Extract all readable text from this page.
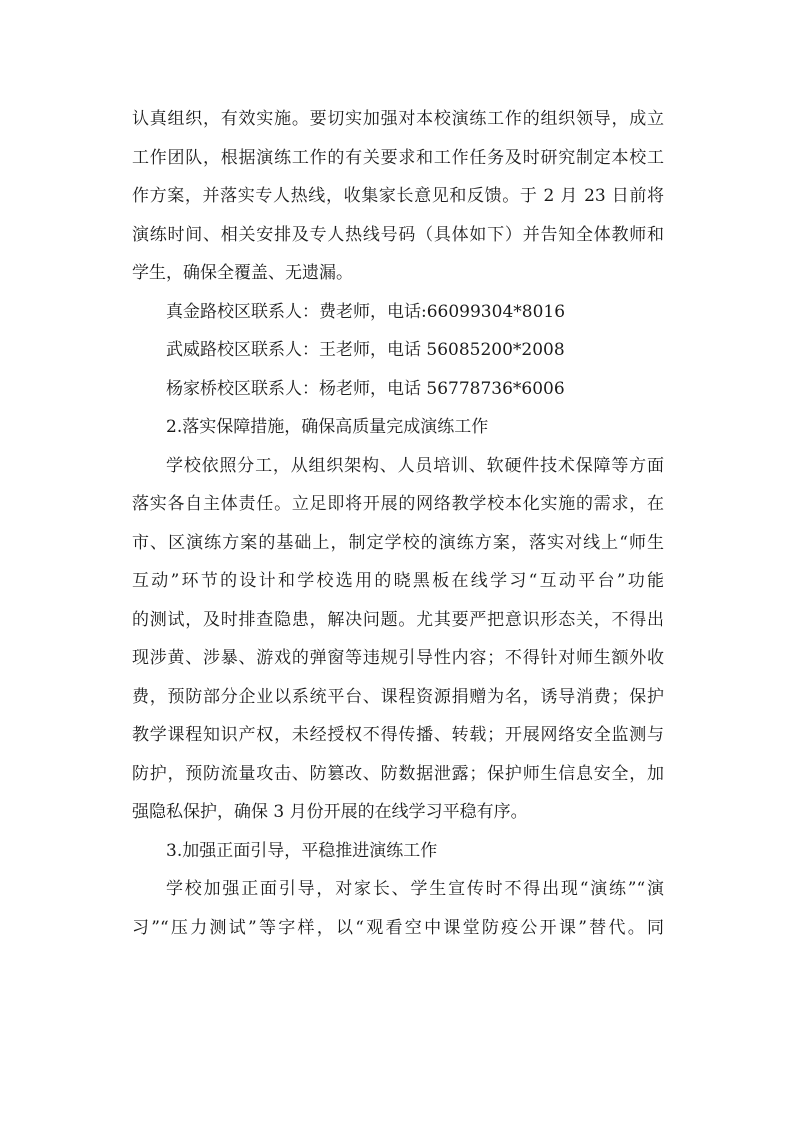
认真组织，有效实施。要切实加强对本校演练工作的组织领导，成立
工作团队，根据演练工作的有关要求和工作任务及时研究制定本校工
作方案，并落实专人热线，收集家长意见和反馈。于 2 月 23 日前将
演练时间、相关安排及专人热线号码（具体如下）并告知全体教师和
学生，确保全覆盖、无遗漏。
真金路校区联系人：费老师，电话:66099304*8016
武威路校区联系人：王老师，电话 56085200*2008
杨家桥校区联系人：杨老师，电话 56778736*6006
2.落实保障措施，确保高质量完成演练工作
学校依照分工，从组织架构、人员培训、软硬件技术保障等方面
落实各自主体责任。立足即将开展的网络教学校本化实施的需求，在
市、区演练方案的基础上，制定学校的演练方案，落实对线上“师生
互动”环节的设计和学校选用的晓黑板在线学习“互动平台”功能
的测试，及时排查隐患，解决问题。尤其要严把意识形态关，不得出
现涉黄、涉暴、游戏的弹窗等违规引导性内容；不得针对师生额外收
费，预防部分企业以系统平台、课程资源捐赠为名，诱导消费；保护
教学课程知识产权，未经授权不得传播、转载；开展网络安全监测与
防护，预防流量攻击、防篡改、防数据泄露；保护师生信息安全，加
强隐私保护，确保 3 月份开展的在线学习平稳有序。
3.加强正面引导，平稳推进演练工作
学校加强正面引导，对家长、学生宣传时不得出现“演练”“演
习”“压力测试”等字样，以“观看空中课堂防疫公开课”替代。同
